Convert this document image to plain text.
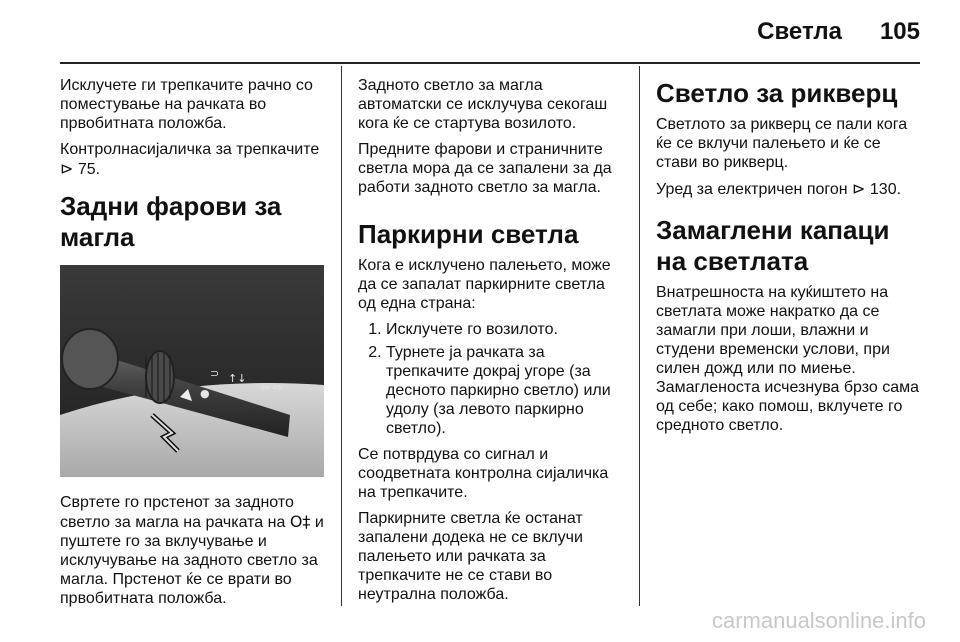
Светла 105

Исклучете ги трепкачите рачно со поместување на рачката во првобитната положба.

Контролнасијаличка за трепкачите ⊳ 75.

Задни фарови за магла
⊃ ↑↓
⇦ ⇨
●

Свртете го прстенот за задното светло за магла на рачката на O‡ и пуштете го за вклучување и исклучување на задното светло за магла. Прстенот ќе се врати во првобитната положба.

Задното светло за магла автоматски се исклучува секогаш кога ќе се стартува возилото.

Предните фарови и страничните светла мора да се запалени за да работи задното светло за магла.

Паркирни светла

Кога е исклучено палењето, може да се запалат паркирните светла од една страна:

1. Исклучете го возилото.
2. Турнете ја рачката за трепкачите докрај угоре (за десното паркирно светло) или удолу (за левото паркирно светло).

Се потврдува со сигнал и соодветната контролна сијаличка на трепкачите.

Паркирните светла ќе останат запалени додека не се вклучи палењето или рачката за трепкачите не се стави во неутрална положба.

Светло за рикверц

Светлото за рикверц се пали кога ќе се вклучи палењето и ќе се стави во рикверц.

Уред за електричен погон ⊳ 130.

Замаглени капаци на светлата

Внатрешноста на куќиштето на светлата може накратко да се замагли при лоши, влажни и студени временски услови, при силен дожд или по миење. Замагленоста исчезнува брзо сама од себе; како помош, вклучете го средното светло.

carmanualsonline.info
